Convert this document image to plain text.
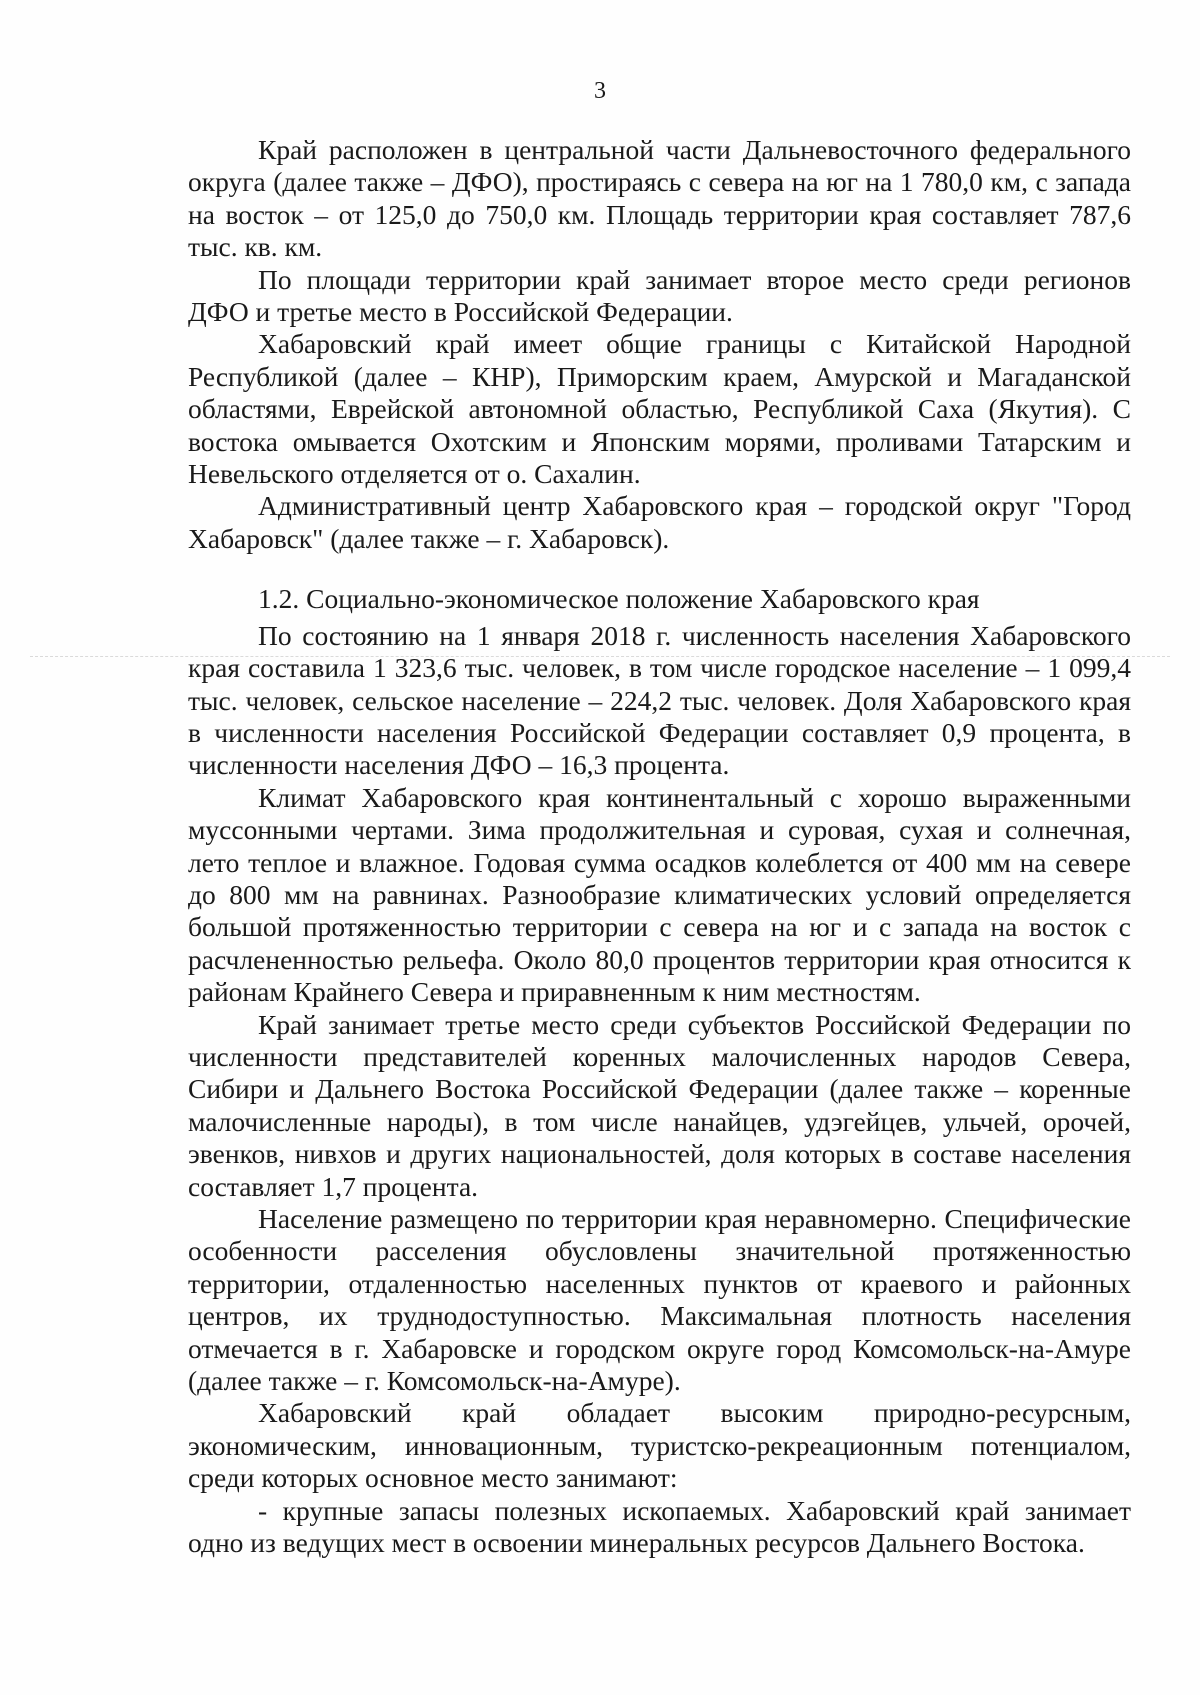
3

Край расположен в центральной части Дальневосточного федерального округа (далее также – ДФО), простираясь с севера на юг на 1 780,0 км, с запада на восток – от 125,0 до 750,0 км. Площадь территории края составляет 787,6 тыс. кв. км.

По площади территории край занимает второе место среди регионов ДФО и третье место в Российской Федерации.

Хабаровский край имеет общие границы с Китайской Народной Республикой (далее – КНР), Приморским краем, Амурской и Магаданской областями, Еврейской автономной областью, Республикой Саха (Якутия). С востока омывается Охотским и Японским морями, проливами Татарским и Невельского отделяется от о. Сахалин.

Административный центр Хабаровского края – городской округ "Город Хабаровск" (далее также – г. Хабаровск).

1.2. Социально-экономическое положение Хабаровского края

По состоянию на 1 января 2018 г. численность населения Хабаровского края составила 1 323,6 тыс. человек, в том числе городское население – 1 099,4 тыс. человек, сельское население – 224,2 тыс. человек. Доля Хабаровского края в численности населения Российской Федерации составляет 0,9 процента, в численности населения ДФО – 16,3 процента.

Климат Хабаровского края континентальный с хорошо выраженными муссонными чертами. Зима продолжительная и суровая, сухая и солнечная, лето теплое и влажное. Годовая сумма осадков колеблется от 400 мм на севере до 800 мм на равнинах. Разнообразие климатических условий определяется большой протяженностью территории с севера на юг и с запада на восток с расчлененностью рельефа. Около 80,0 процентов территории края относится к районам Крайнего Севера и приравненным к ним местностям.

Край занимает третье место среди субъектов Российской Федерации по численности представителей коренных малочисленных народов Севера, Сибири и Дальнего Востока Российской Федерации (далее также – коренные малочисленные народы), в том числе нанайцев, удэгейцев, ульчей, орочей, эвенков, нивхов и других национальностей, доля которых в составе населения составляет 1,7 процента.

Население размещено по территории края неравномерно. Специфические особенности расселения обусловлены значительной протяженностью территории, отдаленностью населенных пунктов от краевого и районных центров, их труднодоступностью. Максимальная плотность населения отмечается в г. Хабаровске и городском округе город Комсомольск-на-Амуре (далее также – г. Комсомольск-на-Амуре).

Хабаровский край обладает высоким природно-ресурсным, экономическим, инновационным, туристско-рекреационным потенциалом, среди которых основное место занимают:

- крупные запасы полезных ископаемых. Хабаровский край занимает одно из ведущих мест в освоении минеральных ресурсов Дальнего Востока.
